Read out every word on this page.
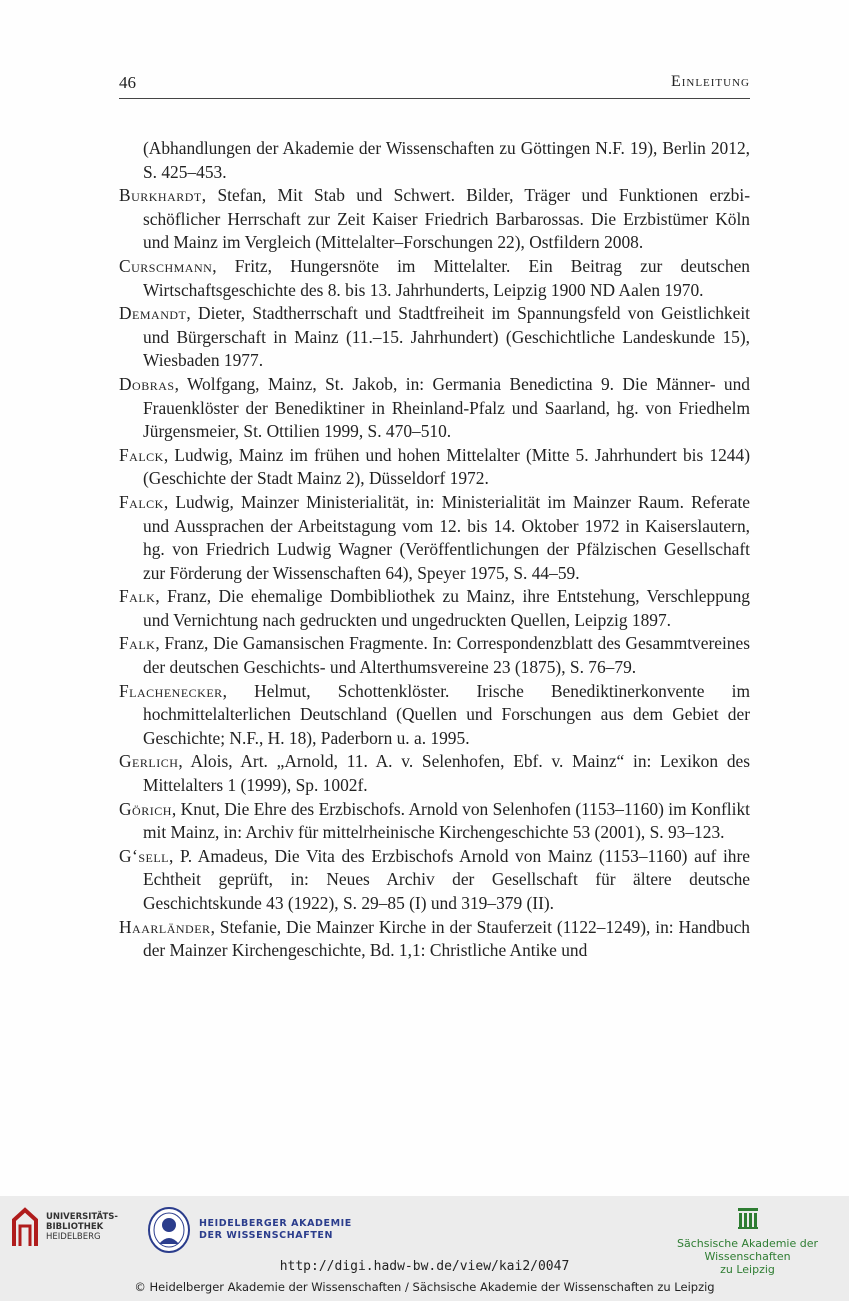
46	Einleitung

(Abhandlungen der Akademie der Wissenschaften zu Göttingen N.F. 19), Berlin 2012, S. 425–453.

Burkhardt, Stefan, Mit Stab und Schwert. Bilder, Träger und Funktionen erzbischöflicher Herrschaft zur Zeit Kaiser Friedrich Barbarossas. Die Erzbistümer Köln und Mainz im Vergleich (Mittelalter–Forschungen 22), Ostfildern 2008.

Curschmann, Fritz, Hungersnöte im Mittelalter. Ein Beitrag zur deutschen Wirtschaftsgeschichte des 8. bis 13. Jahrhunderts, Leipzig 1900 ND Aalen 1970.

Demandt, Dieter, Stadtherrschaft und Stadtfreiheit im Spannungsfeld von Geistlichkeit und Bürgerschaft in Mainz (11.–15. Jahrhundert) (Geschichtliche Landeskunde 15), Wiesbaden 1977.

Dobras, Wolfgang, Mainz, St. Jakob, in: Germania Benedictina 9. Die Männer- und Frauenklöster der Benediktiner in Rheinland-Pfalz und Saarland, hg. von Friedhelm Jürgensmeier, St. Ottilien 1999, S. 470–510.

Falck, Ludwig, Mainz im frühen und hohen Mittelalter (Mitte 5. Jahrhundert bis 1244) (Geschichte der Stadt Mainz 2), Düsseldorf 1972.

Falck, Ludwig, Mainzer Ministerialität, in: Ministerialität im Mainzer Raum. Referate und Aussprachen der Arbeitstagung vom 12. bis 14. Oktober 1972 in Kaiserslautern, hg. von Friedrich Ludwig Wagner (Veröffentlichungen der Pfälzischen Gesellschaft zur Förderung der Wissenschaften 64), Speyer 1975, S. 44–59.

Falk, Franz, Die ehemalige Dombibliothek zu Mainz, ihre Entstehung, Verschleppung und Vernichtung nach gedruckten und ungedruckten Quellen, Leipzig 1897.

Falk, Franz, Die Gamansischen Fragmente. In: Correspondenzblatt des Gesammtvereines der deutschen Geschichts- und Alterthumsvereine 23 (1875), S. 76–79.

Flachenecker, Helmut, Schottenklöster. Irische Benediktinerkonvente im hochmittelalterlichen Deutschland (Quellen und Forschungen aus dem Gebiet der Geschichte; N.F., H. 18), Paderborn u. a. 1995.

Gerlich, Alois, Art. „Arnold, 11. A. v. Selenhofen, Ebf. v. Mainz“ in: Lexikon des Mittelalters 1 (1999), Sp. 1002f.

Görich, Knut, Die Ehre des Erzbischofs. Arnold von Selenhofen (1153–1160) im Konflikt mit Mainz, in: Archiv für mittelrheinische Kirchengeschichte 53 (2001), S. 93–123.

G‘sell, P. Amadeus, Die Vita des Erzbischofs Arnold von Mainz (1153–1160) auf ihre Echtheit geprüft, in: Neues Archiv der Gesellschaft für ältere deutsche Geschichtskunde 43 (1922), S. 29–85 (I) und 319–379 (II).

Haarländer, Stefanie, Die Mainzer Kirche in der Stauferzeit (1122–1249), in: Handbuch der Mainzer Kirchengeschichte, Bd. 1,1: Christliche Antike und

UNIVERSITÄTS-
BIBLIOTHEK
HEIDELBERG
HEIDELBERGER AKADEMIE
DER WISSENSCHAFTEN
Sächsische Akademie der Wissenschaften
zu Leipzig
http://digi.hadw-bw.de/view/kai2/0047
© Heidelberger Akademie der Wissenschaften / Sächsische Akademie der Wissenschaften zu Leipzig
